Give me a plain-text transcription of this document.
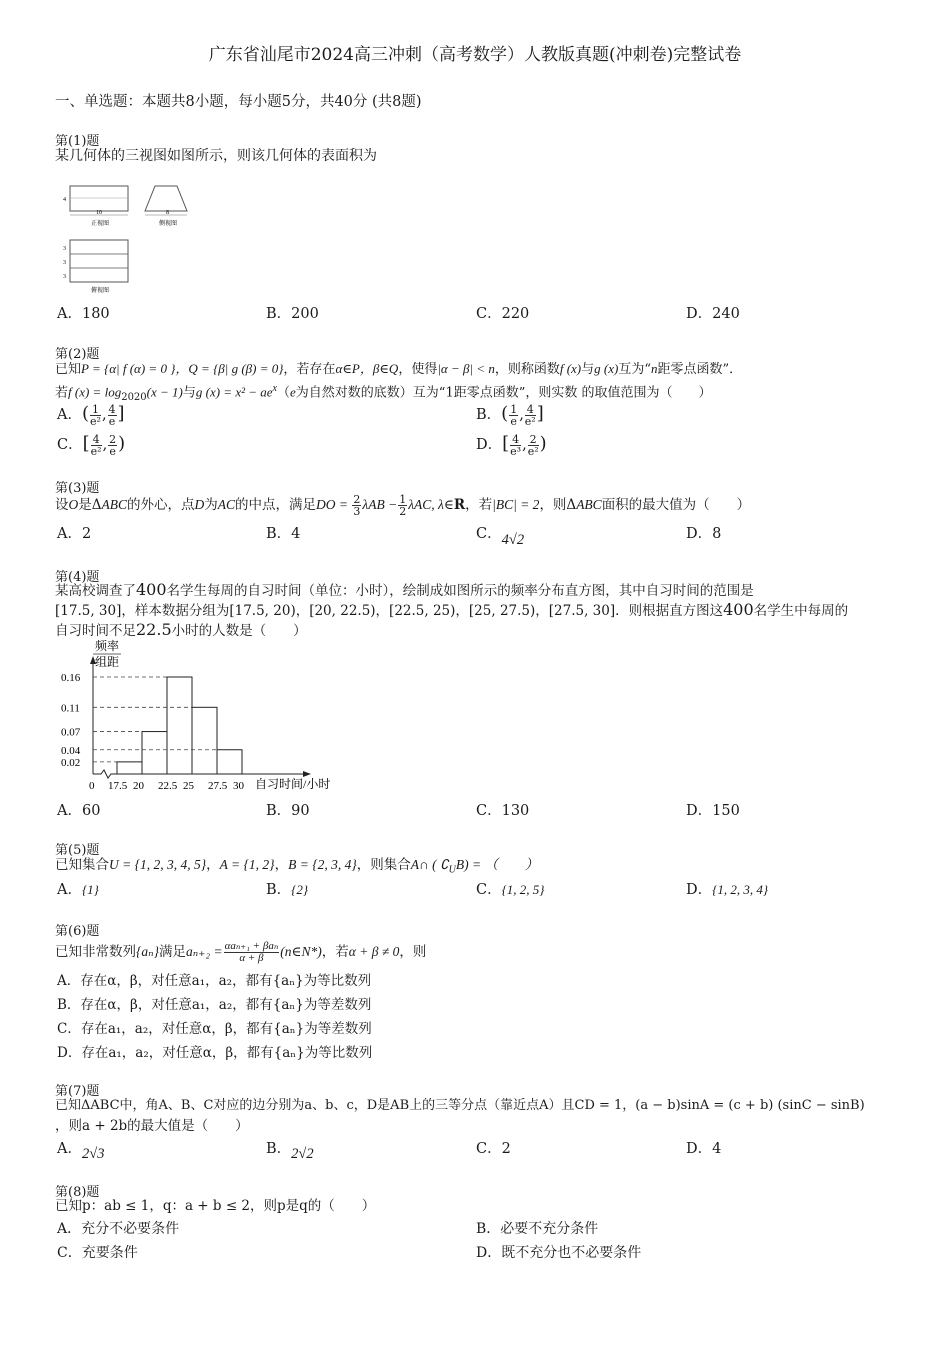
广东省汕尾市2024高三冲刺（高考数学）人教版真题(冲刺卷)完整试卷
一、单选题：本题共8小题，每小题5分，共40分 (共8题)
第(1)题
某几何体的三视图如图所示，则该几何体的表面积为
4
10
正视图
8
侧视图
3
3
3
俯视图
A．180	B．200	C．220	D．240
第(2)题
已知P = {α| f (α) = 0 }，Q = {β| g (β) = 0}，若存在α∈P，β∈Q，使得|α − β| < n，则称函数f (x)与g (x)互为“n距零点函数”．
若f $(x) = \log_{2020}(x - 1)$与g $(x) = x^2 - ae^x(e$为自然对数的底数）互为“1距零点函数”，则实数 的取值范围为（　　）
A．( $\frac{1}{\text{e²}}$ , $\frac{4}{e}$ ]	B．( $\frac{1}{e}$ , $\frac{4}{\text{e²}}$ ]
C．[ $\frac{4}{\text{e²}}$ , $\frac{2}{e}$ )	D．[ $\frac{4}{\text{e³}}$ , $\frac{2}{\text{e²}}$ )
第(3)题
设O是ΔABC的外心，点D为AC的中点，满足DO = $\frac{2}{3}$ $\lambda AB - \frac{1}{2} \lambda AC$, λ∈R，若|BC| = 2，则ΔABC面积的最大值为（　　）
A．2	B．4	C．4√2	D．8
第(4)题
某高校调查了400名学生每周的自习时间（单位：小时），绘制成如图所示的频率分布直方图，其中自习时间的范围是
[17.5, 30]，样本数据分组为[17.5, 20)，[20, 22.5)，[22.5, 25)，[25, 27.5)，[27.5, 30]．则根据直方图这400名学生中每周的
自习时间不足22.5小时的人数是（　　）
频率
组距
0.02
0.04
0.07
0.11
0.16
0 17.5 20 22.5 25 27.5 30 自习时间/小时
A．60	B．90	C．130	D．150
第(5)题
已知集合U = {1, 2, 3, 4, 5}，A = {1, 2}，B = {2, 3, 4}，则集合A∩ ( $∁_UB$) = （　　）
A．{1}	B．{2}	C．{1, 2, 5}	D．{1, 2, 3, 4}
第(6)题
已知非常数列{aₙ}满足$a_{n+2} = \frac{\text{αaₙ₊₁ + βaₙ}}{\alpha + \beta}$ (n∈N*)，若α + β ≠ 0，则
A．存在α，β，对任意a₁，a₂，都有{aₙ}为等比数列
B．存在α，β，对任意a₁，a₂，都有{aₙ}为等差数列
C．存在a₁，a₂，对任意α，β，都有{aₙ}为等差数列
D．存在a₁，a₂，对任意α，β，都有{aₙ}为等比数列
第(7)题
已知ΔABC中，角A、B、C对应的边分别为a、b、c，D是AB上的三等分点（靠近点A）且CD = 1，(a − b)sinA = (c + b) (sinC − sinB)
，则a + 2b的最大值是（　　）
A．2√3	B．2√2	C．2	D．4
第(8)题
已知p：ab ≤ 1，q：a + b ≤ 2，则p是q的（　　）
A．充分不必要条件	B．必要不充分条件
C．充要条件	D．既不充分也不必要条件
